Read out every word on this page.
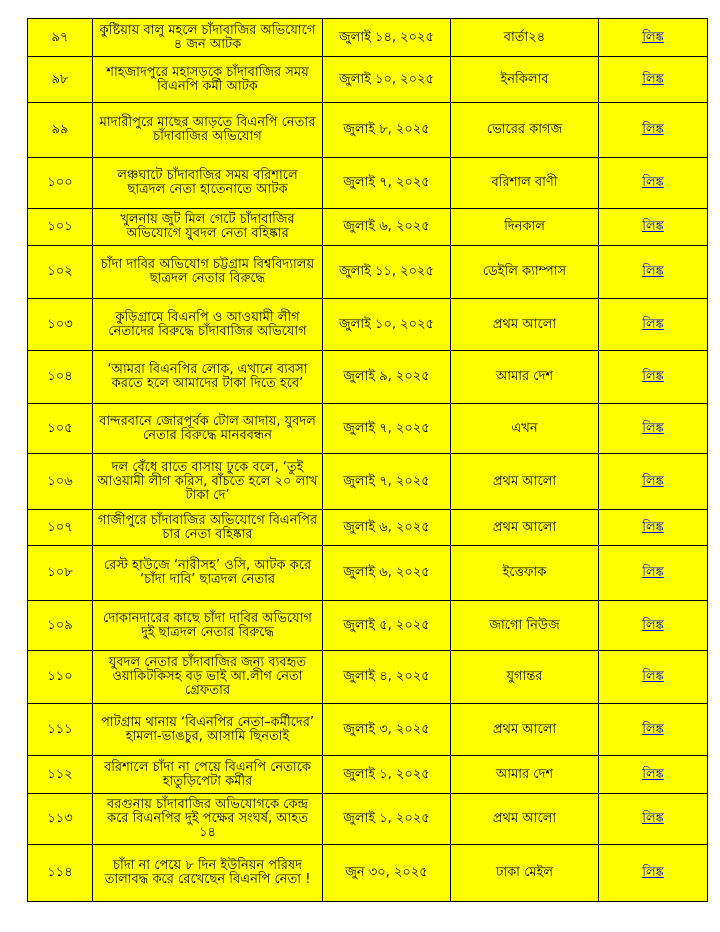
৯৭	কুষ্টিয়ায় বালু মহলে চাঁদাবাজির অভিযোগে ৪ জন আটক	জুলাই ১৪, ২০২৫	বার্তা২৪	লিঙ্ক
৯৮	শাহজাদপুরে মহাসড়কে চাঁদাবাজির সময় বিএনপি কর্মী আটক	জুলাই ১০, ২০২৫	ইনকিলাব	লিঙ্ক
৯৯	মাদারীপুরে মাছের আড়তে বিএনপি নেতার চাঁদাবাজির অভিযোগ	জুলাই ৮, ২০২৫	ভোরের কাগজ	লিঙ্ক
১০০	লঞ্চঘাটে চাঁদাবাজির সময় বরিশালে ছাত্রদল নেতা হাতেনাতে আটক	জুলাই ৭, ২০২৫	বরিশাল বাণী	লিঙ্ক
১০১	খুলনায় জুট মিল গেটে চাঁদাবাজির অভিযোগে যুবদল নেতা বহিষ্কার	জুলাই ৬, ২০২৫	দিনকাল	লিঙ্ক
১০২	চাঁদা দাবির অভিযোগ চট্টগ্রাম বিশ্ববিদ্যালয় ছাত্রদল নেতার বিরুদ্ধে	জুলাই ১১, ২০২৫	ডেইলি ক্যাম্পাস	লিঙ্ক
১০৩	কুড়িগ্রামে বিএনপি ও আওয়ামী লীগ নেতাদের বিরুদ্ধে চাঁদাবাজির অভিযোগ	জুলাই ১০, ২০২৫	প্রথম আলো	লিঙ্ক
১০৪	‘আমরা বিএনপির লোক, এখানে ব্যবসা করতে হলে আমাদের টাকা দিতে হবে’	জুলাই ৯, ২০২৫	আমার দেশ	লিঙ্ক
১০৫	বান্দরবানে জোরপূর্বক টোল আদায়, যুবদল নেতার বিরুদ্ধে মানববন্ধন	জুলাই ৭, ২০২৫	এখন	লিঙ্ক
১০৬	দল বেঁধে রাতে বাসায় ঢুকে বলে, ‘তুই আওয়ামী লীগ করিস, বাঁচতে হলে ২০ লাখ টাকা দে’	জুলাই ৭, ২০২৫	প্রথম আলো	লিঙ্ক
১০৭	গাজীপুরে চাঁদাবাজির অভিযোগে বিএনপির চার নেতা বহিষ্কার	জুলাই ৬, ২০২৫	প্রথম আলো	লিঙ্ক
১০৮	রেস্ট হাউজে ‘নারীসহ’ ওসি, আটক করে ‘চাঁদা দাবি’ ছাত্রদল নেতার	জুলাই ৬, ২০২৫	ইত্তেফাক	লিঙ্ক
১০৯	দোকানদারের কাছে চাঁদা দাবির অভিযোগ দুই ছাত্রদল নেতার বিরুদ্ধে	জুলাই ৫, ২০২৫	জাগো নিউজ	লিঙ্ক
১১০	যুবদল নেতার চাঁদাবাজির জন্য ব্যবহৃত ওয়াকিটকিসহ বড় ভাই আ.লীগ নেতা গ্রেফতার	জুলাই ৪, ২০২৫	যুগান্তর	লিঙ্ক
১১১	পাটগ্রাম থানায় ‘বিএনপির নেতা–কর্মীদের’ হামলা-ভাঙচুর, আসামি ছিনতাই	জুলাই ৩, ২০২৫	প্রথম আলো	লিঙ্ক
১১২	বরিশালে চাঁদা না পেয়ে বিএনপি নেতাকে হাতুড়িপেটা কর্মীর	জুলাই ১, ২০২৫	আমার দেশ	লিঙ্ক
১১৩	বরগুনায় চাঁদাবাজির অভিযোগকে কেন্দ্র করে বিএনপির দুই পক্ষের সংঘর্ষ, আহত ১৪	জুলাই ১, ২০২৫	প্রথম আলো	লিঙ্ক
১১৪	চাঁদা না পেয়ে ৮ দিন ইউনিয়ন পরিষদ তালাবদ্ধ করে রেখেছেন বিএনপি নেতা !	জুন ৩০, ২০২৫	ঢাকা মেইল	লিঙ্ক
